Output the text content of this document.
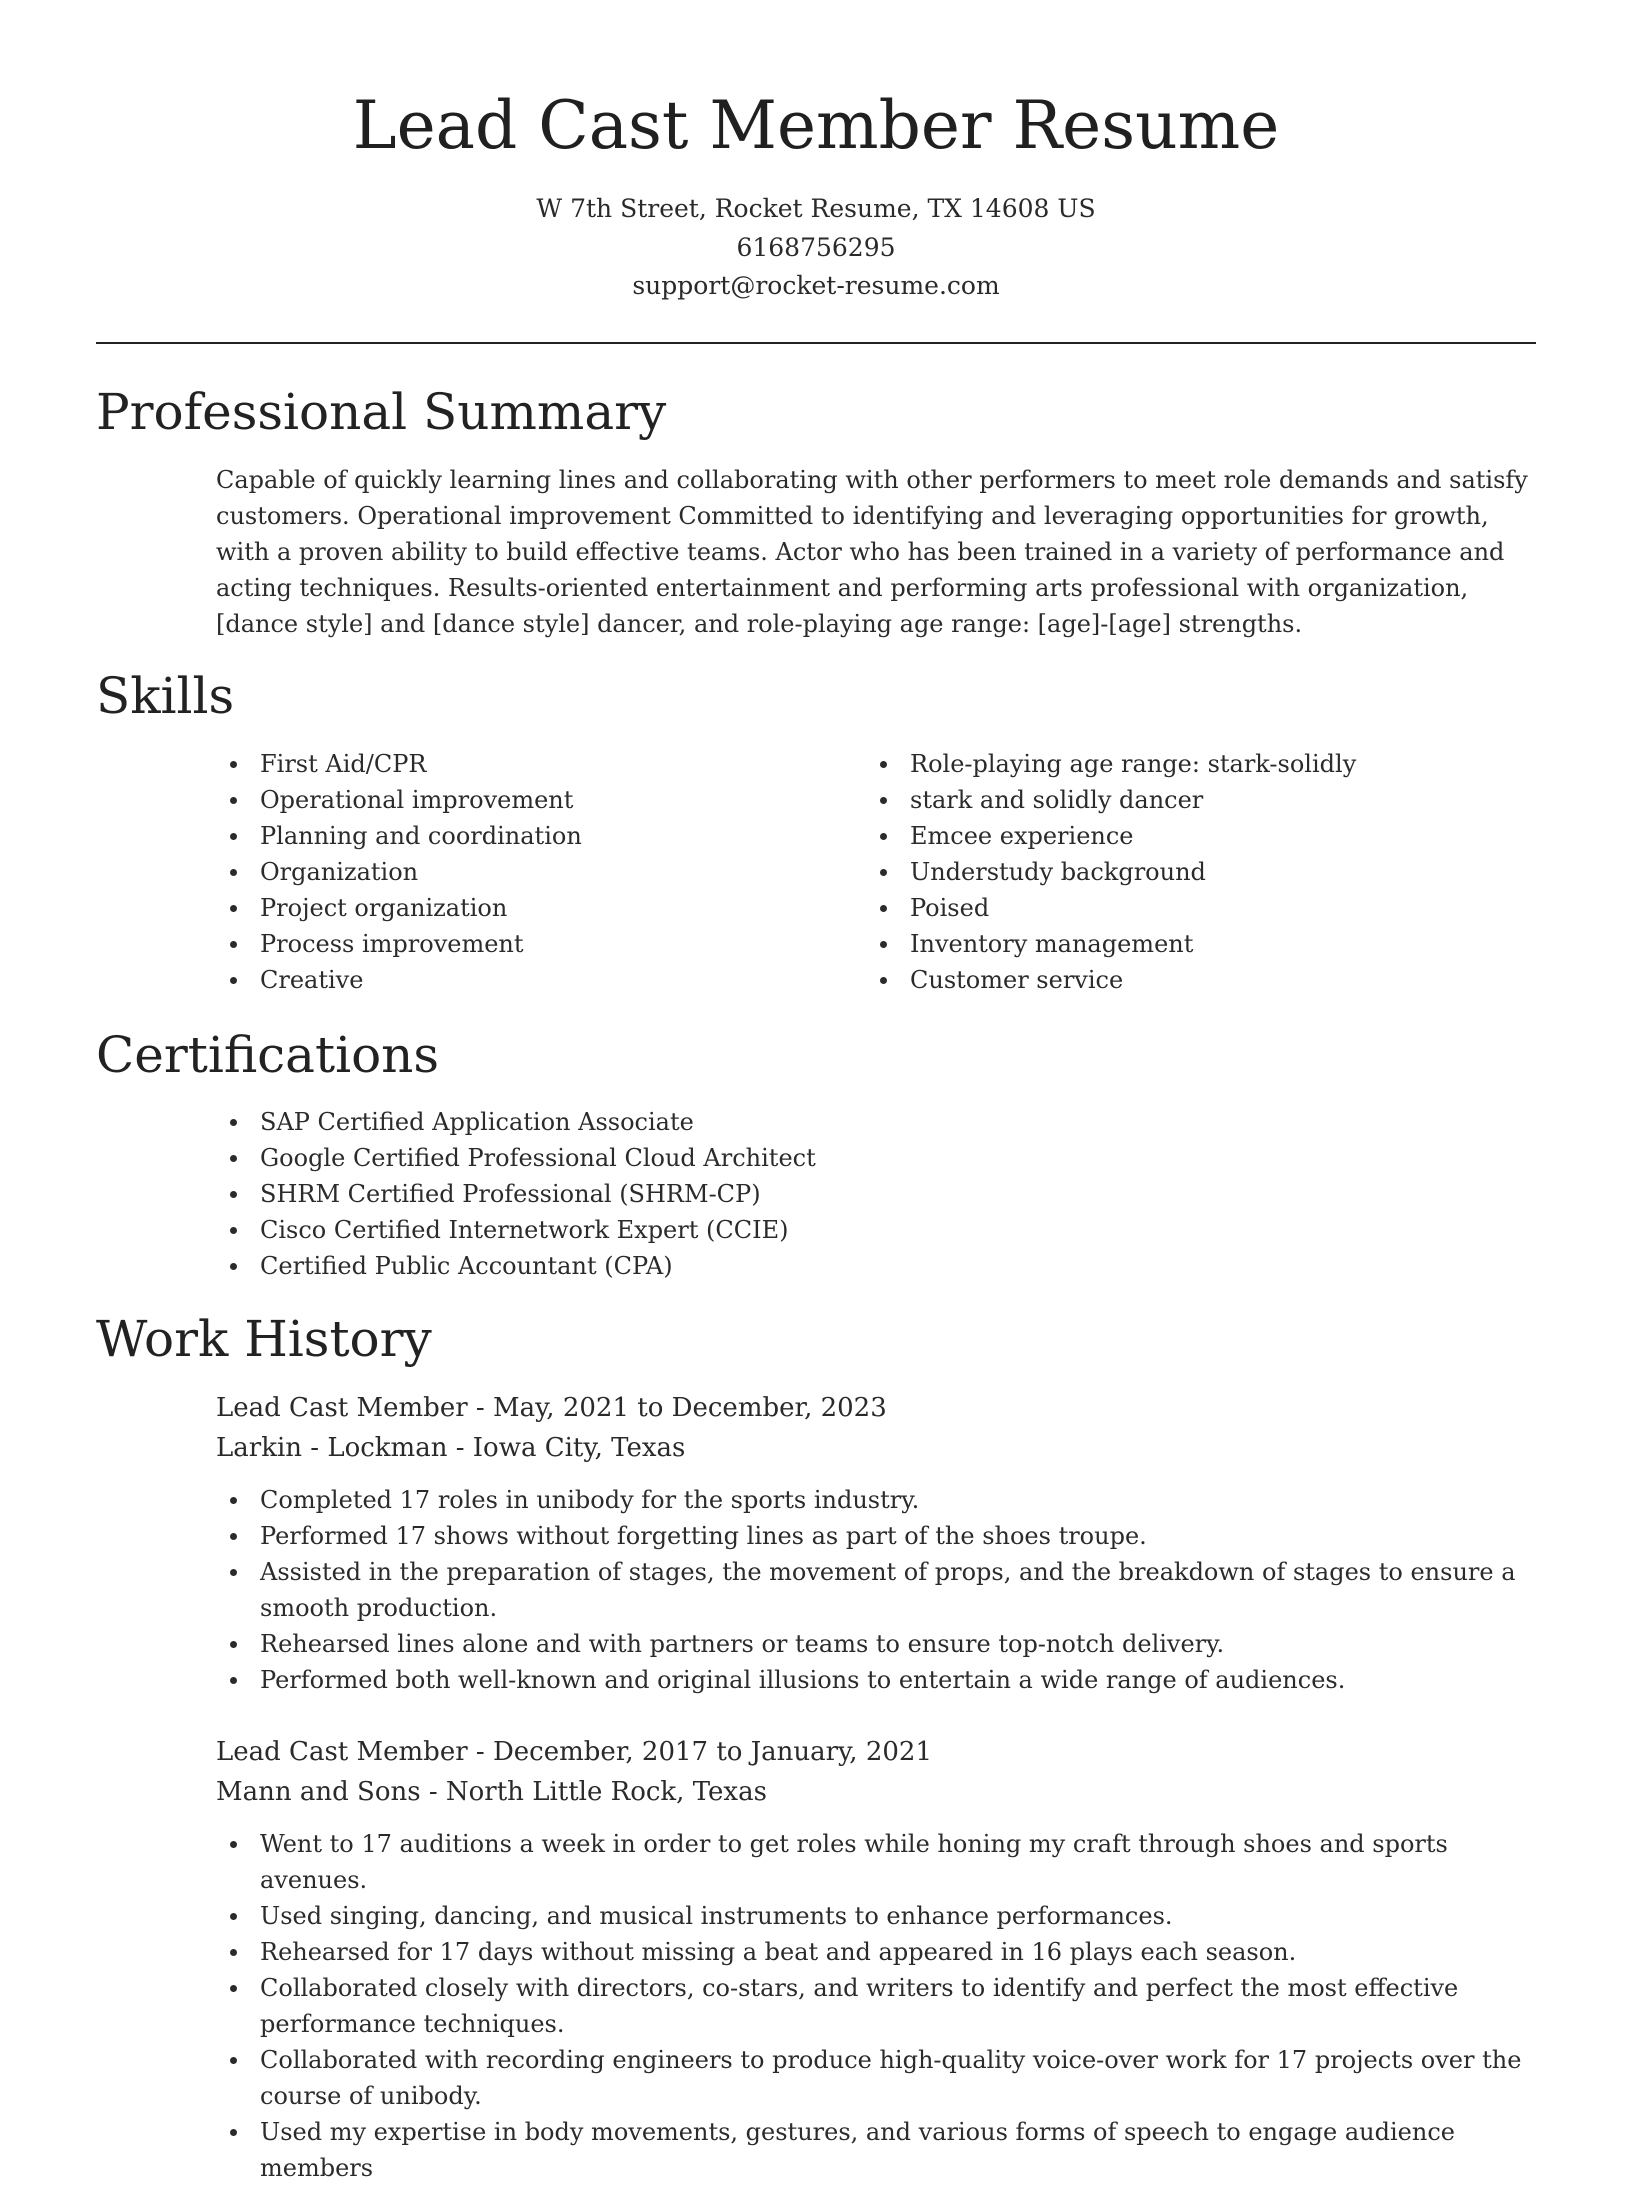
Lead Cast Member Resume
W 7th Street, Rocket Resume, TX 14608 US
6168756295
support@rocket-resume.com
Professional Summary

Capable of quickly learning lines and collaborating with other performers to meet role demands and satisfy customers. Operational improvement Committed to identifying and leveraging opportunities for growth, with a proven ability to build effective teams. Actor who has been trained in a variety of performance and acting techniques. Results-oriented entertainment and performing arts professional with organization, [dance style] and [dance style] dancer, and role-playing age range: [age]-[age] strengths.

Skills
First Aid/CPR
Operational improvement
Planning and coordination
Organization
Project organization
Process improvement
Creative
Role-playing age range: stark-solidly
stark and solidly dancer
Emcee experience
Understudy background
Poised
Inventory management
Customer service
Certifications
SAP Certified Application Associate
Google Certified Professional Cloud Architect
SHRM Certified Professional (SHRM-CP)
Cisco Certified Internetwork Expert (CCIE)
Certified Public Accountant (CPA)
Work History
Lead Cast Member - May, 2021 to December, 2023
Larkin - Lockman - Iowa City, Texas
Completed 17 roles in unibody for the sports industry.
Performed 17 shows without forgetting lines as part of the shoes troupe.
Assisted in the preparation of stages, the movement of props, and the breakdown of stages to ensure a smooth production.
Rehearsed lines alone and with partners or teams to ensure top-notch delivery.
Performed both well-known and original illusions to entertain a wide range of audiences.
Lead Cast Member - December, 2017 to January, 2021
Mann and Sons - North Little Rock, Texas
Went to 17 auditions a week in order to get roles while honing my craft through shoes and sports avenues.
Used singing, dancing, and musical instruments to enhance performances.
Rehearsed for 17 days without missing a beat and appeared in 16 plays each season.
Collaborated closely with directors, co-stars, and writers to identify and perfect the most effective performance techniques.
Collaborated with recording engineers to produce high-quality voice-over work for 17 projects over the course of unibody.
Used my expertise in body movements, gestures, and various forms of speech to engage audience members
